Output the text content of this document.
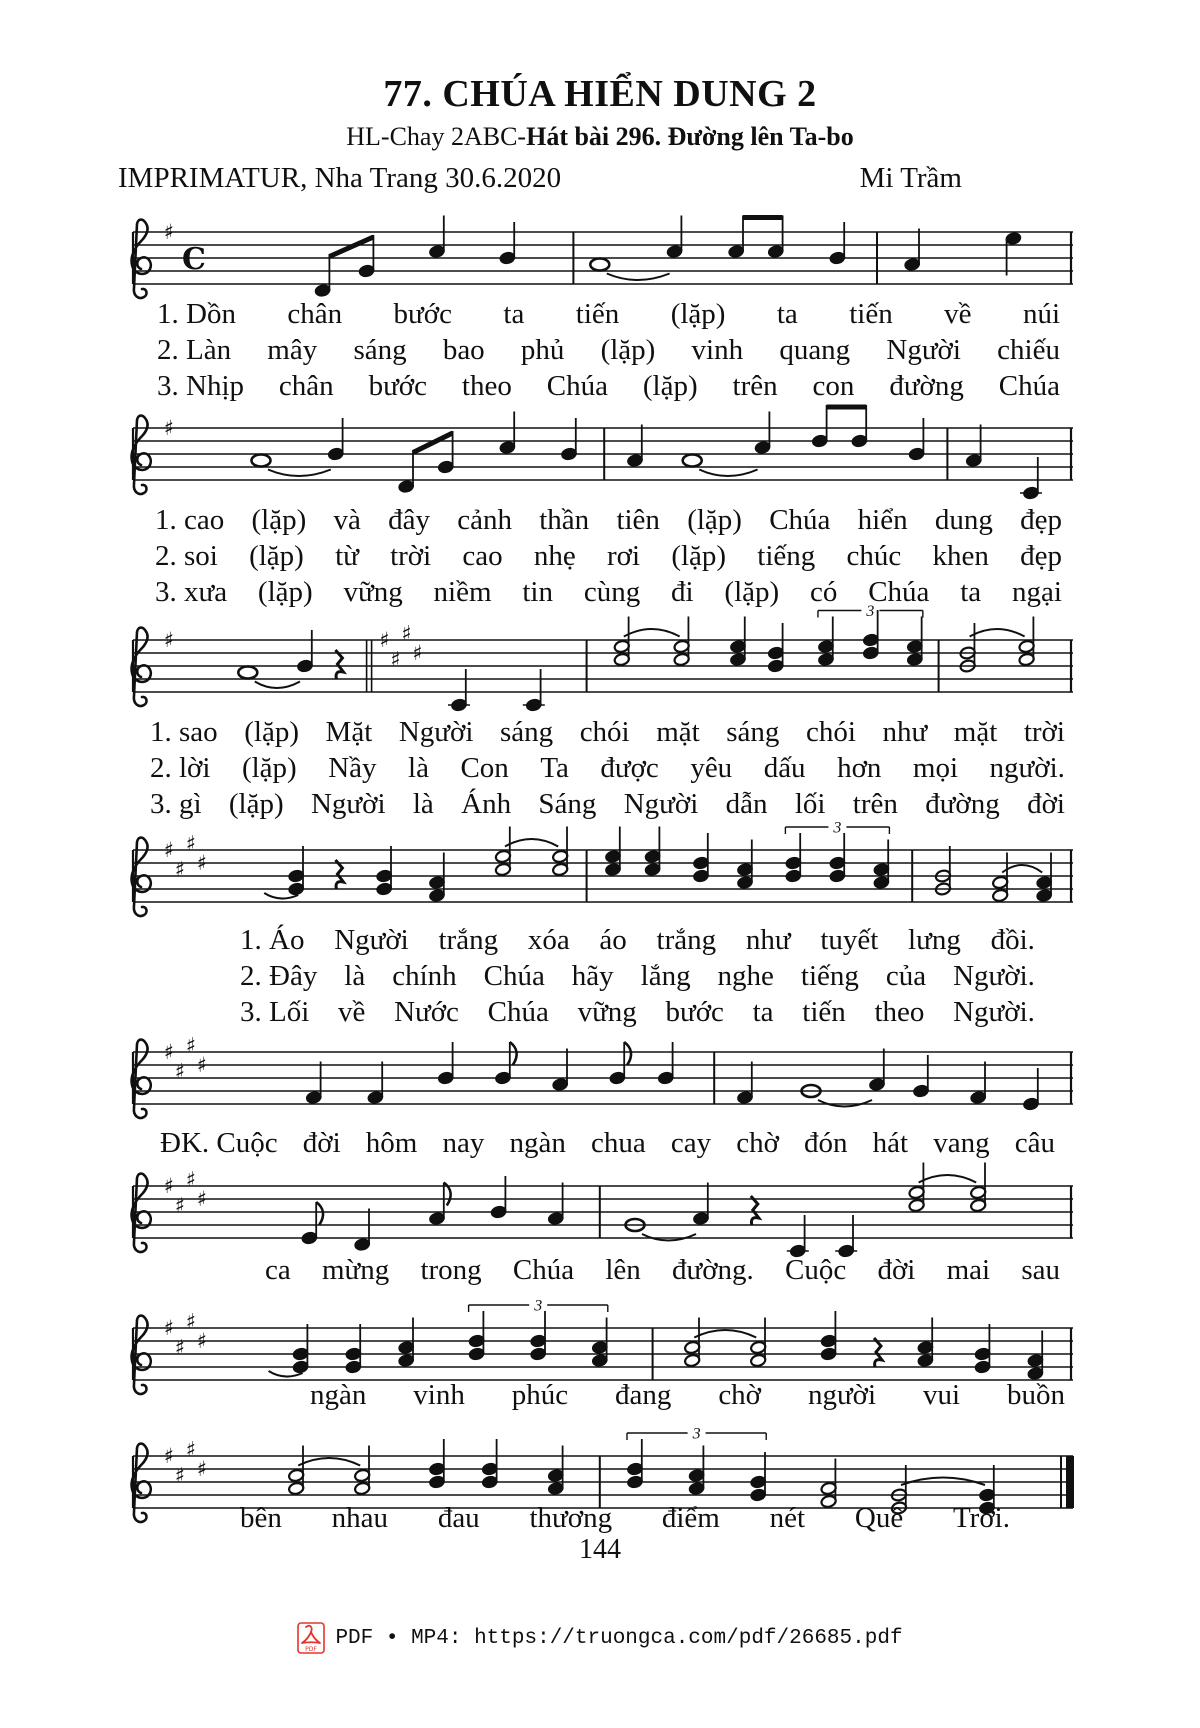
77. CHÚA HIỂN DUNG 2
HL-Chay 2ABC-Hát bài 296. Đường lên Ta-bo
IMPRIMATUR, Nha Trang 30.6.2020	Mi Trầm
♯
C
♯
♯	♯
♯
♯
♯
3
♯
♯
♯
♯
3
♯
♯
♯
♯
♯
♯
♯
♯
♯
♯
♯
♯
3
♯
♯
♯
♯
3
1. Dồn chân bước ta tiến (lặp) ta tiến về núi
2. Làn mây sáng bao phủ (lặp) vinh quang Người chiếu
3. Nhịp chân bước theo Chúa (lặp) trên con đường Chúa
1. cao (lặp) và đây cảnh thần tiên (lặp) Chúa hiển dung đẹp
2. soi (lặp) từ trời cao nhẹ rơi (lặp) tiếng chúc khen đẹp
3. xưa (lặp) vững niềm tin cùng đi (lặp) có Chúa ta ngại
1. sao (lặp) Mặt Người sáng chói mặt sáng chói như mặt trời
2. lời (lặp) Nầy là Con Ta được yêu dấu hơn mọi người.
3. gì (lặp) Người là Ánh Sáng Người dẫn lối trên đường đời
1. Áo Người trắng xóa áo trắng như tuyết lưng đồi.
2. Đây là chính Chúa hãy lắng nghe tiếng của Người.
3. Lối về Nước Chúa vững bước ta tiến theo Người.
ĐK. Cuộc đời hôm nay ngàn chua cay chờ đón hát vang câu
ca mừng trong Chúa lên đường. Cuộc đời mai sau
ngàn vinh phúc đang chờ người vui buồn
bên nhau đau thương điểm nét Quê Trời.
144
PDF PDF • MP4: https://truongca.com/pdf/26685.pdf
